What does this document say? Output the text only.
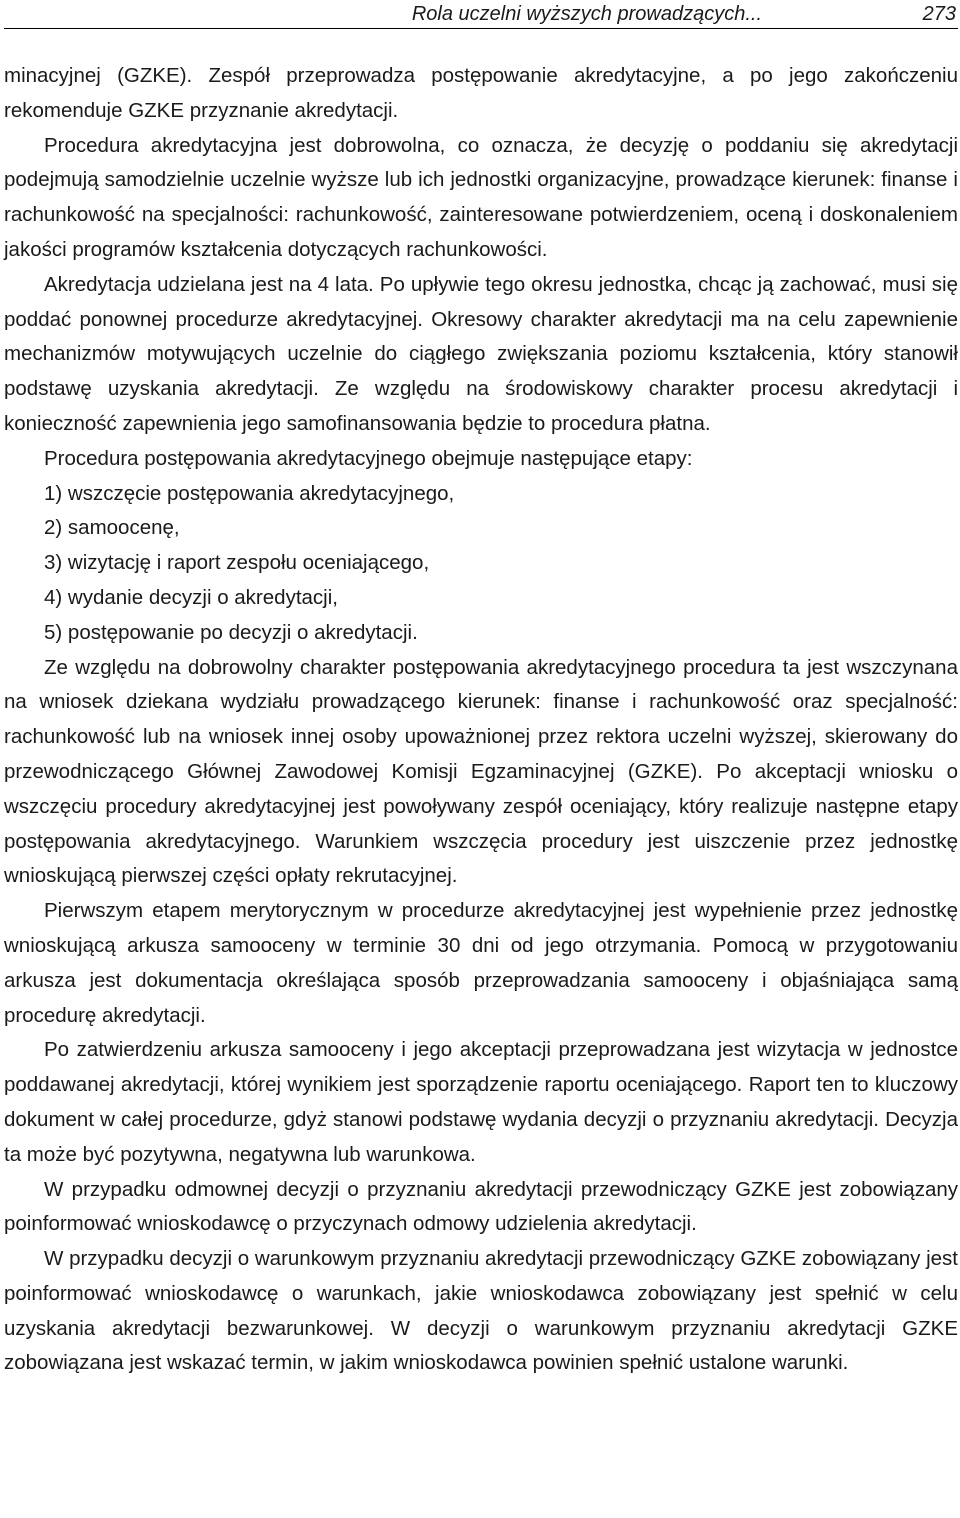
Rola uczelni wyższych prowadzących...	273

minacyjnej (GZKE). Zespół przeprowadza postępowanie akredytacyjne, a po jego zakończeniu rekomenduje GZKE przyznanie akredytacji.

Procedura akredytacyjna jest dobrowolna, co oznacza, że decyzję o poddaniu się akredytacji podejmują samodzielnie uczelnie wyższe lub ich jednostki organizacyjne, prowadzące kierunek: finanse i rachunkowość na specjalności: rachunkowość, zainteresowane potwierdzeniem, oceną i doskonaleniem jakości programów kształcenia dotyczących rachunkowości.

Akredytacja udzielana jest na 4 lata. Po upływie tego okresu jednostka, chcąc ją zachować, musi się poddać ponownej procedurze akredytacyjnej. Okresowy charakter akredytacji ma na celu zapewnienie mechanizmów motywujących uczelnie do ciągłego zwiększania poziomu kształcenia, który stanowił podstawę uzyskania akredytacji. Ze względu na środowiskowy charakter procesu akredytacji i konieczność zapewnienia jego samofinansowania będzie to procedura płatna.

Procedura postępowania akredytacyjnego obejmuje następujące etapy:

1) wszczęcie postępowania akredytacyjnego,

2) samoocenę,

3) wizytację i raport zespołu oceniającego,

4) wydanie decyzji o akredytacji,

5) postępowanie po decyzji o akredytacji.

Ze względu na dobrowolny charakter postępowania akredytacyjnego procedura ta jest wszczynana na wniosek dziekana wydziału prowadzącego kierunek: finanse i rachunkowość oraz specjalność: rachunkowość lub na wniosek innej osoby upoważnionej przez rektora uczelni wyższej, skierowany do przewodniczącego Głównej Zawodowej Komisji Egzaminacyjnej (GZKE). Po akceptacji wniosku o wszczęciu procedury akredytacyjnej jest powoływany zespół oceniający, który realizuje następne etapy postępowania akredytacyjnego. Warunkiem wszczęcia procedury jest uiszczenie przez jednostkę wnioskującą pierwszej części opłaty rekrutacyjnej.

Pierwszym etapem merytorycznym w procedurze akredytacyjnej jest wypełnienie przez jednostkę wnioskującą arkusza samooceny w terminie 30 dni od jego otrzymania. Pomocą w przygotowaniu arkusza jest dokumentacja określająca sposób przeprowadzania samooceny i objaśniająca samą procedurę akredytacji.

Po zatwierdzeniu arkusza samooceny i jego akceptacji przeprowadzana jest wizytacja w jednostce poddawanej akredytacji, której wynikiem jest sporządzenie raportu oceniającego. Raport ten to kluczowy dokument w całej procedurze, gdyż stanowi podstawę wydania decyzji o przyznaniu akredytacji. Decyzja ta może być pozytywna, negatywna lub warunkowa.

W przypadku odmownej decyzji o przyznaniu akredytacji przewodniczący GZKE jest zobowiązany poinformować wnioskodawcę o przyczynach odmowy udzielenia akredytacji.

W przypadku decyzji o warunkowym przyznaniu akredytacji przewodniczący GZKE zobowiązany jest poinformować wnioskodawcę o warunkach, jakie wnioskodawca zobowiązany jest spełnić w celu uzyskania akredytacji bezwarunkowej. W decyzji o warunkowym przyznaniu akredytacji GZKE zobowiązana jest wskazać termin, w jakim wnioskodawca powinien spełnić ustalone warunki.
